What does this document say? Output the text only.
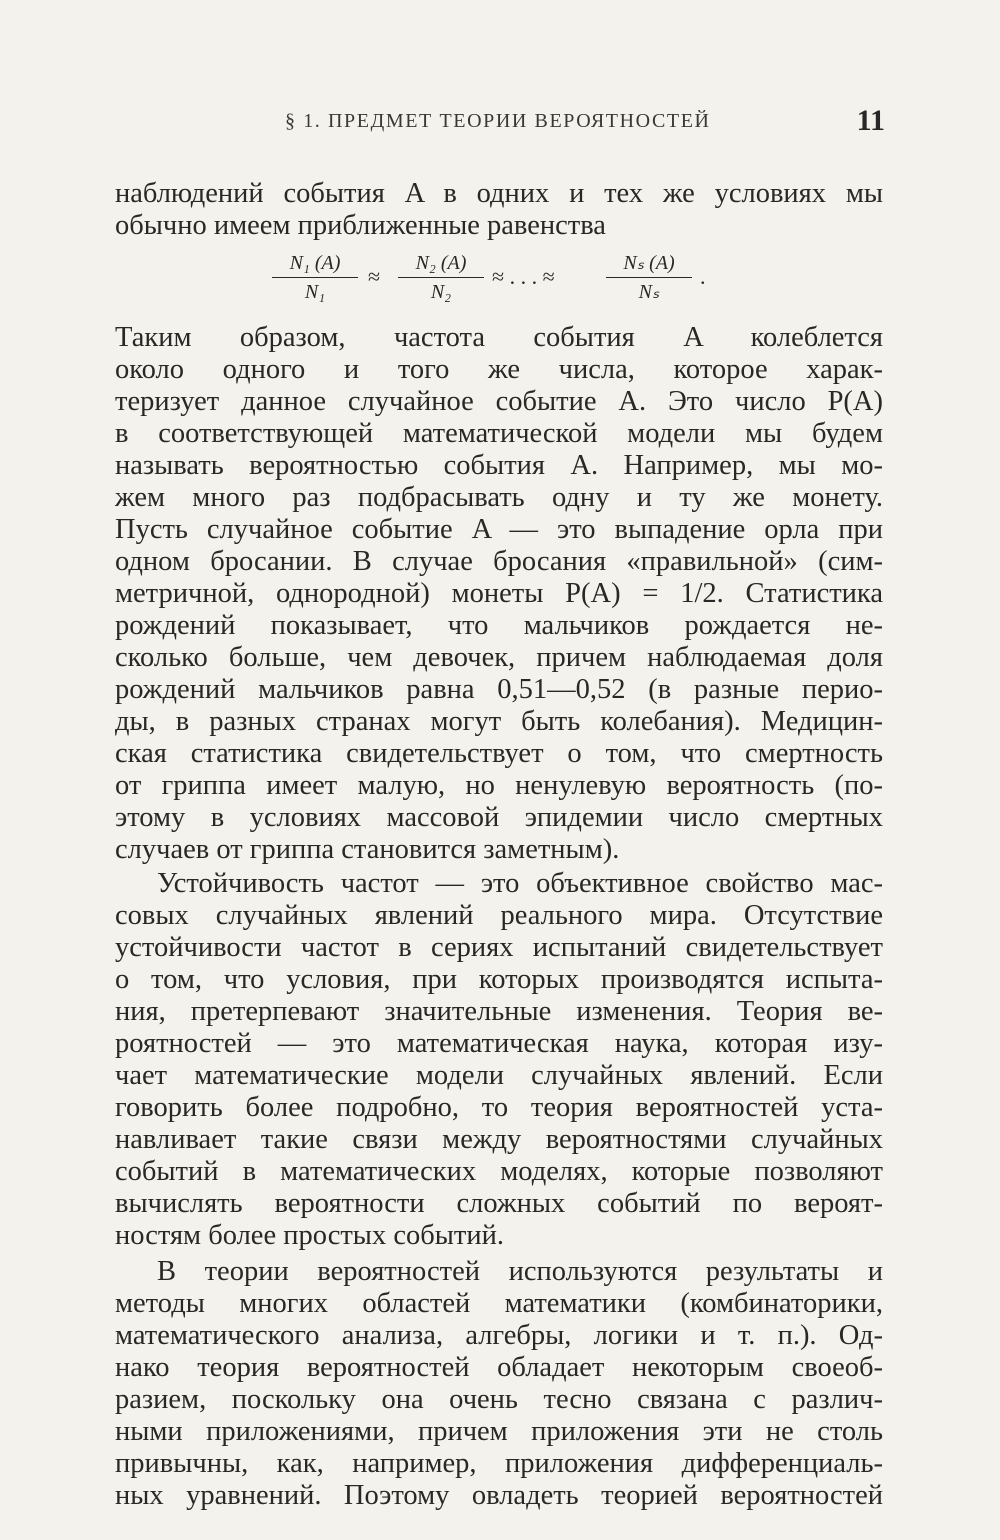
§ 1. ПРЕДМЕТ ТЕОРИИ ВЕРОЯТНОСТЕЙ	11
наблюдений события A в одних и тех же условиях мы
обычно имеем приближенные равенства
N₁ (A)
N₁
≈
N₂ (A)
N₂
≈ . . . ≈
Nₛ (A)
Nₛ
.
Таким образом, частота события A колеблется
около одного и того же числа, которое харак-
теризует данное случайное событие A. Это число P(A)
в соответствующей математической модели мы будем
называть вероятностью события A. Например, мы мо-
жем много раз подбрасывать одну и ту же монету.
Пусть случайное событие A — это выпадение орла при
одном бросании. В случае бросания «правильной» (сим-
метричной, однородной) монеты P(A) = 1/2. Статистика
рождений показывает, что мальчиков рождается не-
сколько больше, чем девочек, причем наблюдаемая доля
рождений мальчиков равна 0,51—0,52 (в разные перио-
ды, в разных странах могут быть колебания). Медицин-
ская статистика свидетельствует о том, что смертность
от гриппа имеет малую, но ненулевую вероятность (по-
этому в условиях массовой эпидемии число смертных
случаев от гриппа становится заметным).
Устойчивость частот — это объективное свойство мас-
совых случайных явлений реального мира. Отсутствие
устойчивости частот в сериях испытаний свидетельствует
о том, что условия, при которых производятся испыта-
ния, претерпевают значительные изменения. Теория ве-
роятностей — это математическая наука, которая изу-
чает математические модели случайных явлений. Если
говорить более подробно, то теория вероятностей уста-
навливает такие связи между вероятностями случайных
событий в математических моделях, которые позволяют
вычислять вероятности сложных событий по вероят-
ностям более простых событий.
В теории вероятностей используются результаты и
методы многих областей математики (комбинаторики,
математического анализа, алгебры, логики и т. п.). Од-
нако теория вероятностей обладает некоторым своеоб-
разием, поскольку она очень тесно связана с различ-
ными приложениями, причем приложения эти не столь
привычны, как, например, приложения дифференциаль-
ных уравнений. Поэтому овладеть теорией вероятностей
